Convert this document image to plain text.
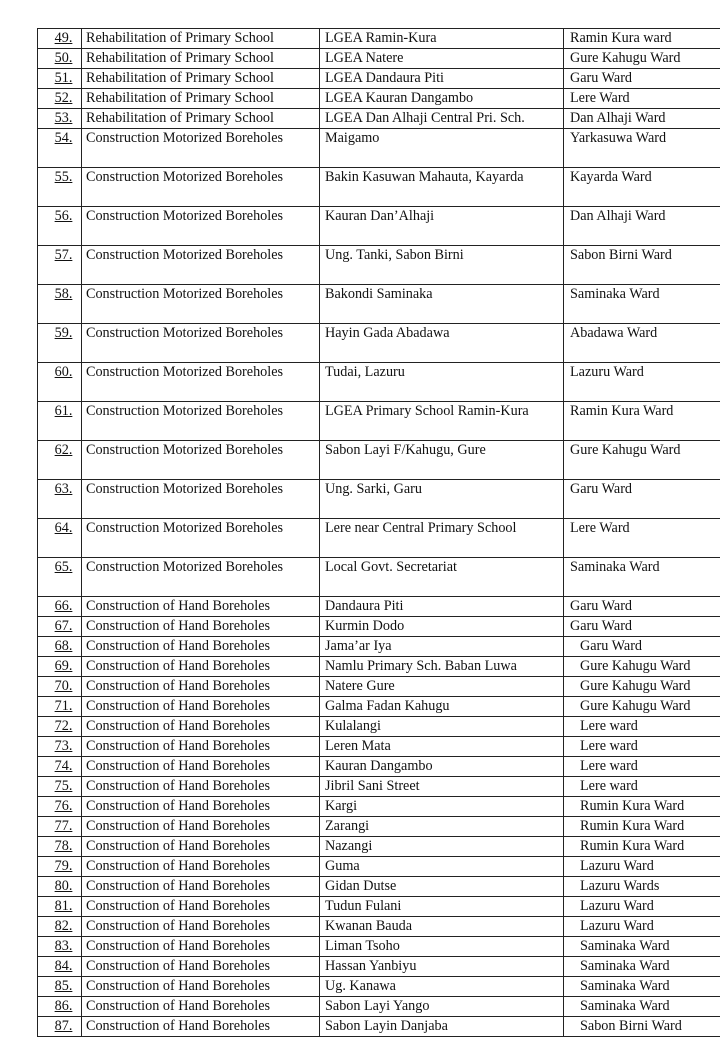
49.	Rehabilitation of Primary School	LGEA Ramin-Kura	Ramin Kura ward
50.	Rehabilitation of Primary School	LGEA Natere	Gure Kahugu Ward
51.	Rehabilitation of Primary School	LGEA Dandaura Piti	Garu Ward
52.	Rehabilitation of Primary School	LGEA Kauran Dangambo	Lere Ward
53.	Rehabilitation of Primary School	LGEA Dan Alhaji Central Pri. Sch.	Dan Alhaji Ward
54.	Construction Motorized Boreholes	Maigamo	Yarkasuwa Ward
55.	Construction Motorized Boreholes	Bakin Kasuwan Mahauta, Kayarda	Kayarda Ward
56.	Construction Motorized Boreholes	Kauran Dan’Alhaji	Dan Alhaji Ward
57.	Construction Motorized Boreholes	Ung. Tanki, Sabon Birni	Sabon Birni Ward
58.	Construction Motorized Boreholes	Bakondi Saminaka	Saminaka Ward
59.	Construction Motorized Boreholes	Hayin Gada Abadawa	Abadawa Ward
60.	Construction Motorized Boreholes	Tudai, Lazuru	Lazuru Ward
61.	Construction Motorized Boreholes	LGEA Primary School Ramin-Kura	Ramin Kura Ward
62.	Construction Motorized Boreholes	Sabon Layi F/Kahugu, Gure	Gure Kahugu Ward
63.	Construction Motorized Boreholes	Ung. Sarki, Garu	Garu Ward
64.	Construction Motorized Boreholes	Lere near Central Primary School	Lere Ward
65.	Construction Motorized Boreholes	Local Govt. Secretariat	Saminaka Ward
66.	Construction of Hand Boreholes	Dandaura Piti	Garu Ward
67.	Construction of Hand Boreholes	Kurmin Dodo	Garu Ward
68.	Construction of Hand Boreholes	Jama’ar Iya	Garu Ward
69.	Construction of Hand Boreholes	Namlu Primary Sch. Baban Luwa	Gure Kahugu Ward
70.	Construction of Hand Boreholes	Natere Gure	Gure Kahugu Ward
71.	Construction of Hand Boreholes	Galma Fadan Kahugu	Gure Kahugu Ward
72.	Construction of Hand Boreholes	Kulalangi	Lere ward
73.	Construction of Hand Boreholes	Leren Mata	Lere ward
74.	Construction of Hand Boreholes	Kauran Dangambo	Lere ward
75.	Construction of Hand Boreholes	Jibril Sani Street	Lere ward
76.	Construction of Hand Boreholes	Kargi	Rumin Kura Ward
77.	Construction of Hand Boreholes	Zarangi	Rumin Kura Ward
78.	Construction of Hand Boreholes	Nazangi	Rumin Kura Ward
79.	Construction of Hand Boreholes	Guma	Lazuru Ward
80.	Construction of Hand Boreholes	Gidan Dutse	Lazuru Wards
81.	Construction of Hand Boreholes	Tudun Fulani	Lazuru Ward
82.	Construction of Hand Boreholes	Kwanan Bauda	Lazuru Ward
83.	Construction of Hand Boreholes	Liman Tsoho	Saminaka Ward
84.	Construction of Hand Boreholes	Hassan Yanbiyu	Saminaka Ward
85.	Construction of Hand Boreholes	Ug. Kanawa	Saminaka Ward
86.	Construction of Hand Boreholes	Sabon Layi Yango	Saminaka Ward
87.	Construction of Hand Boreholes	Sabon Layin Danjaba	Sabon Birni Ward
